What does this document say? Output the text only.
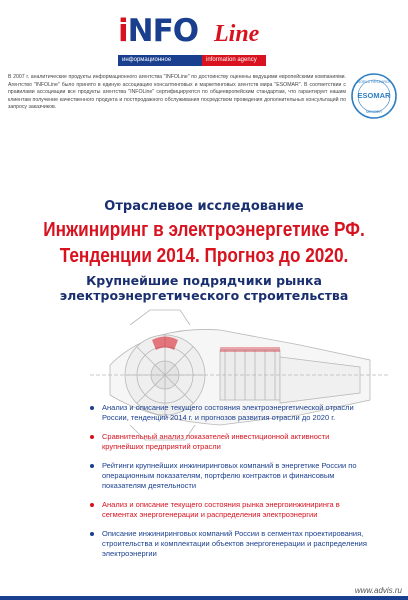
iNFO Line
информационное агентство
information agency
В 2007 г. аналитические продукты информационного агентства "INFOLine" по достоинству оценены ведущими европейскими компаниями. Агентство "INFOLine" было принято в единую ассоциацию консалтинговых и маркетинговых агентств мира "ESOMAR". В соответствии с правилами ассоциации все продукты агентства "INFOLine" сертифицируются по общеевропейским стандартам, что гарантирует нашим клиентам получение качественного продукта и постпродажного обслуживания посредством проведения дополнительных консультаций по запросу заказчиков.
WORLD RESEARCH
ESOMAR
MEMBER
Отраслевое исследование
Инжиниринг в электроэнергетике РФ.
Тенденции 2014. Прогноз до 2020.
Крупнейшие подрядчики рынка
электроэнергетического строительства
Анализ и описание текущего состояния электроэнергетической отрасли России, тенденций 2014 г. и прогнозов развития отрасли до 2020 г.
Сравнительный анализ показателей инвестиционной активности крупнейших предприятий отрасли
Рейтинги крупнейших инжиниринговых компаний в энергетике России по операционным показателям, портфелю контрактов и финансовым показателям деятельности
Анализ и описание текущего состояния рынка энергоинжиниринга в сегментах энергогенерации и распределения электроэнергии
Описание инжиниринговых компаний России в сегментах проектирования, строительства и комплектации объектов энергогенерации и распределения электроэнергии
www.advis.ru
